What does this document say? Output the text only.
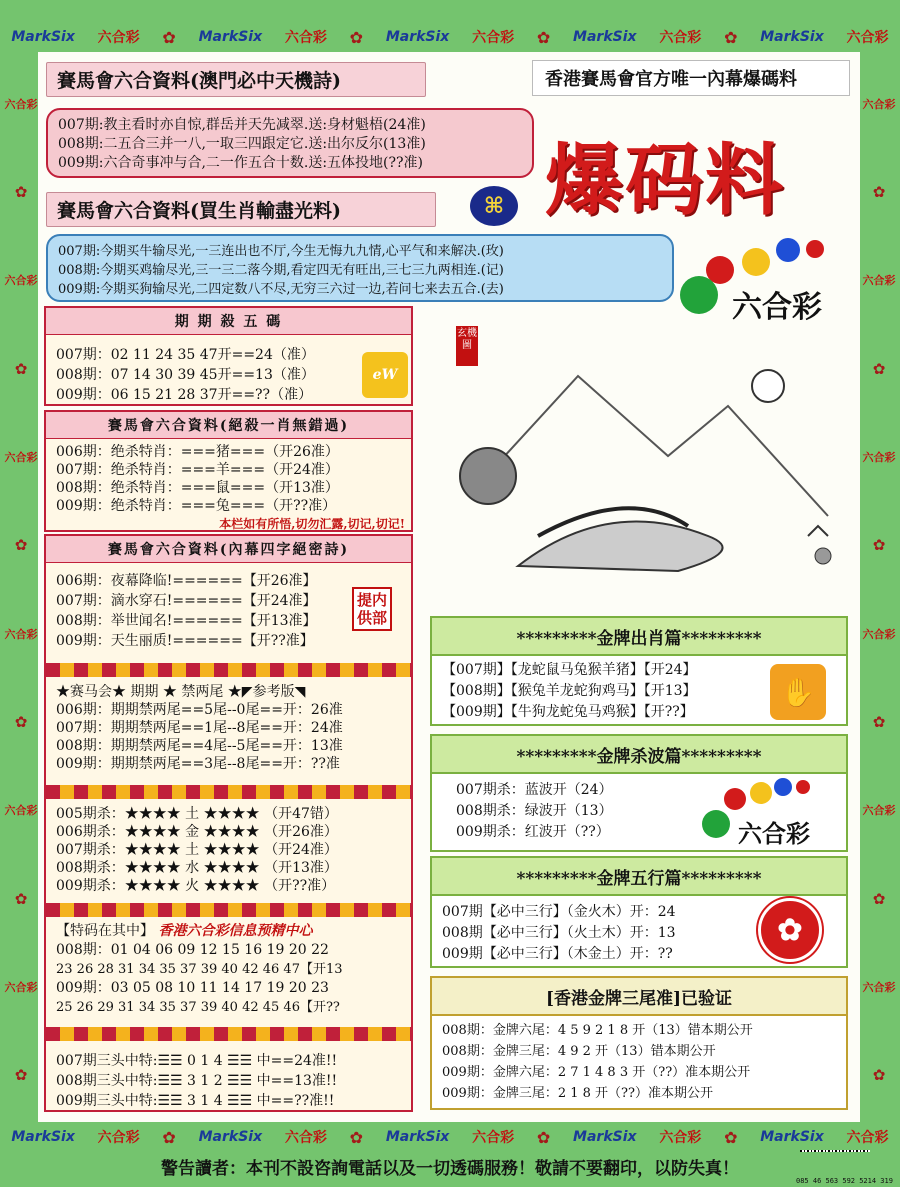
MarkSix 六合彩 ✿ MarkSix 六合彩 ✿ MarkSix 六合彩 ✿ MarkSix 六合彩 ✿ MarkSix 六合彩
MarkSix 六合彩 ✿ MarkSix 六合彩 ✿ MarkSix 六合彩 ✿ MarkSix 六合彩 ✿ MarkSix 六合彩
六合彩
✿
六合彩
✿
六合彩
✿
六合彩
✿
六合彩
✿
六合彩
✿
六合彩
✿
六合彩
✿
六合彩
✿
六合彩
✿
六合彩
✿
六合彩
✿
賽馬會六合資料(澳門必中天機詩)	香港賽馬會官方唯一內幕爆碼料
007期:教主看时亦自惊,群岳并天先减翠.送:身材魁梧(24准)
008期:二五合三并一八,一取三四跟定它.送:出尔反尔(13准)
009期:六合奇事冲与合,二一作五合十数.送:五体投地(??准)
賽馬會六合資料(買生肖輸盡光料)	⌘ 爆码料
007期:今期买牛输尽光,一三连出也不厅,今生无悔九九情,心平气和来解决.(玫)
008期:今期买鸡输尽光,三一三二落今期,看定四无有旺出,三七三九两相连.(记)
009期:今期买狗输尽光,二四定数八不尽,无穷三六过一边,若问七来去五合.(去)
六合彩
期 期 殺 五 碼
007期：02 11 24 35 47开==24（准）
008期：07 14 30 39 45开==13（准）
009期：06 15 21 28 37开==??（准）
eW
賽馬會六合資料(絕殺一肖無錯過)
006期：绝杀特肖：===猪===（开26准）
007期：绝杀特肖：===羊===（开24准）
008期：绝杀特肖：===鼠===（开13准）
009期：绝杀特肖：===兔===（开??准）
本栏如有所悟,切勿汇露,切记,切记!
賽馬會六合資料(內幕四字絕密詩)
006期：夜幕降临!======【开26准】
007期：滴水穿石!======【开24准】
008期：举世闻名!======【开13准】
009期：天生丽质!======【开??准】
提内供部
★赛马会★ 期期 ★ 禁两尾 ★◤参考版◥
006期：期期禁两尾==5尾--0尾==开：26准
007期：期期禁两尾==1尾--8尾==开：24准
008期：期期禁两尾==4尾--5尾==开：13准
009期：期期禁两尾==3尾--8尾==开：??准
005期杀：★★★★ 土 ★★★★ （开47错）
006期杀：★★★★ 金 ★★★★ （开26准）
007期杀：★★★★ 土 ★★★★ （开24准）
008期杀：★★★★ 水 ★★★★ （开13准）
009期杀：★★★★ 火 ★★★★ （开??准）
【特码在其中】 香港六合彩信息预精中心
008期：01 04 06 09 12 15 16 19 20 22
23 26 28 31 34 35 37 39 40 42 46 47【开13
009期：03 05 08 10 11 14 17 19 20 23
25 26 29 31 34 35 37 39 40 42 45 46【开??
007期三头中特:☰☰ 0 1 4 ☰☰ 中==24准!!
008期三头中特:☰☰ 3 1 2 ☰☰ 中==13准!!
009期三头中特:☰☰ 3 1 4 ☰☰ 中==??准!!
玄機圖
*********金牌出肖篇*********
【007期】【龙蛇鼠马兔猴羊猪】【开24】
【008期】【猴兔羊龙蛇狗鸡马】【开13】
【009期】【牛狗龙蛇兔马鸡猴】【开??】
✋
*********金牌杀波篇*********
007期杀：蓝波开（24）
008期杀：绿波开（13）
009期杀：红波开（??）	六合彩
*********金牌五行篇*********
007期【必中三行】（金火木）开：24
008期【必中三行】（火土木）开：13
009期【必中三行】（木金土）开：??
✿
[香港金牌三尾准]已验证
008期：金牌六尾：4 5 9 2 1 8 开（13）错本期公开
008期：金牌三尾：4 9 2 开（13）错本期公开
009期：金牌六尾：2 7 1 4 8 3 开（??）准本期公开
009期：金牌三尾：2 1 8 开（??）准本期公开
警告讀者：本刊不設咨詢電話以及一切透碼服務！敬請不要翻印，以防失真！
085 46 563 592 5214 319
